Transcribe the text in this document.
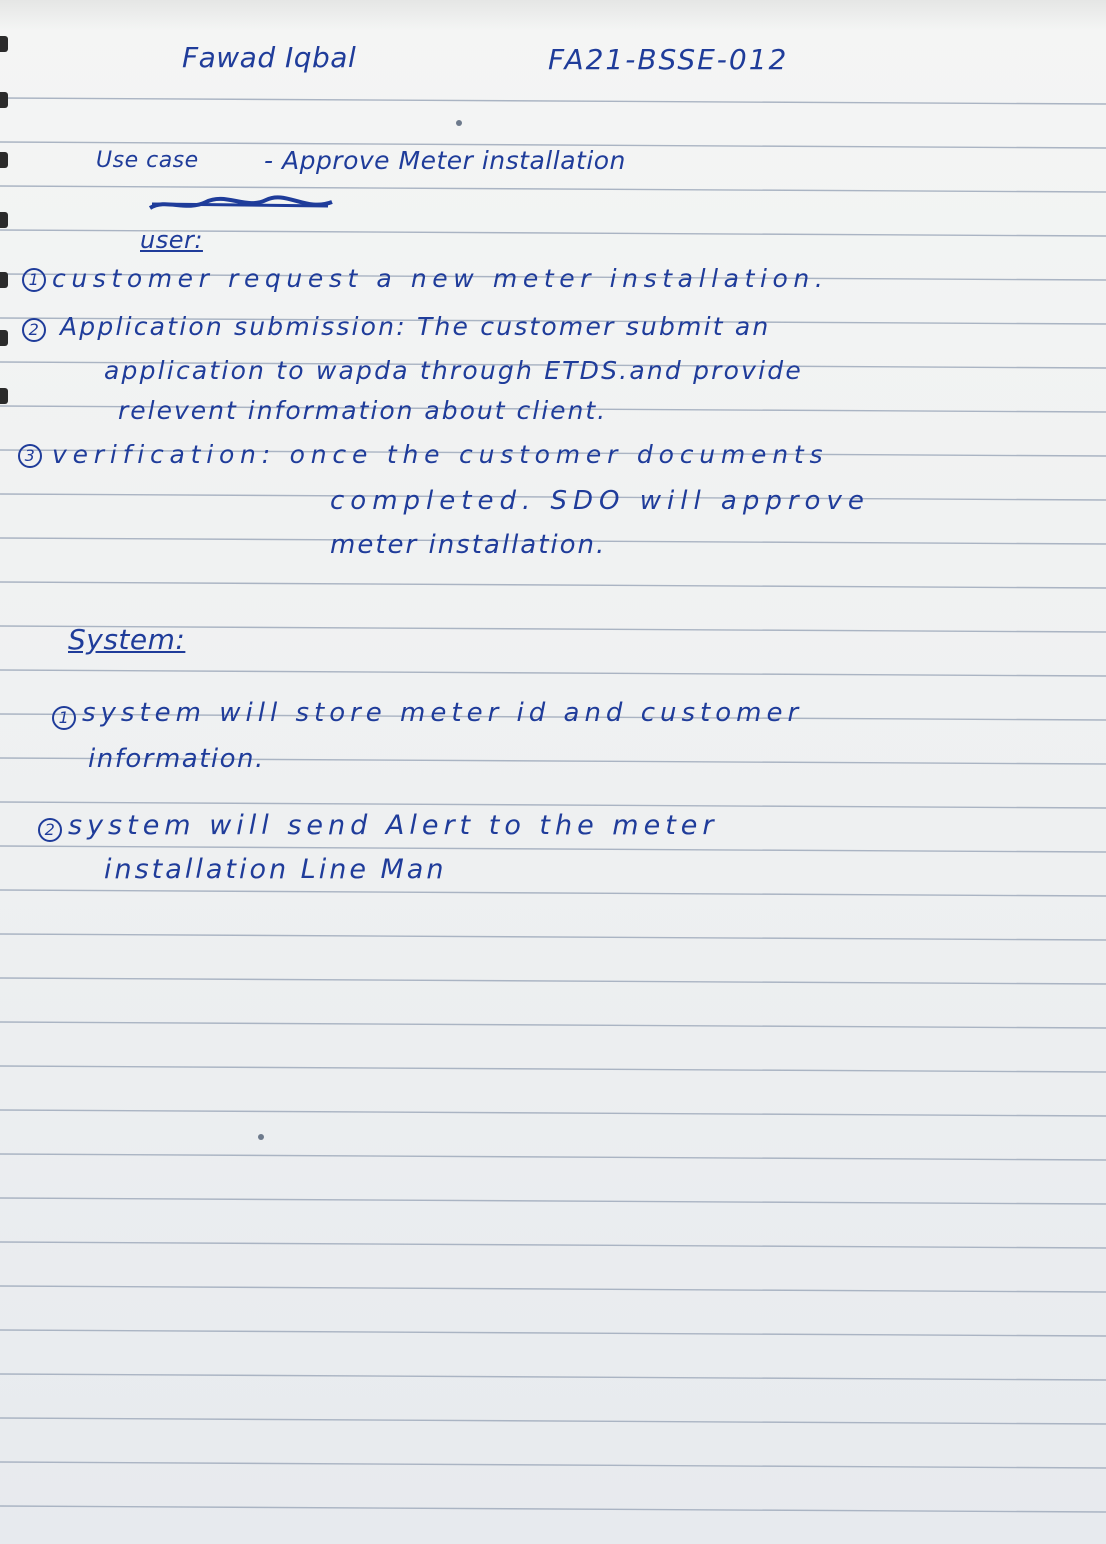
Fawad Iqbal	FA21-BSSE-012
Use case	- Approve Meter installation
user:
1 customer request a new meter installation.
2 Application submission: The customer submit an
application to wapda through ETDS.and provide
relevent information about client.
3 verification: once the customer documents
completed. SDO will approve
meter installation.
System:
1 system will store meter id and customer
information.
2 system will send Alert to the meter
installation Line Man
